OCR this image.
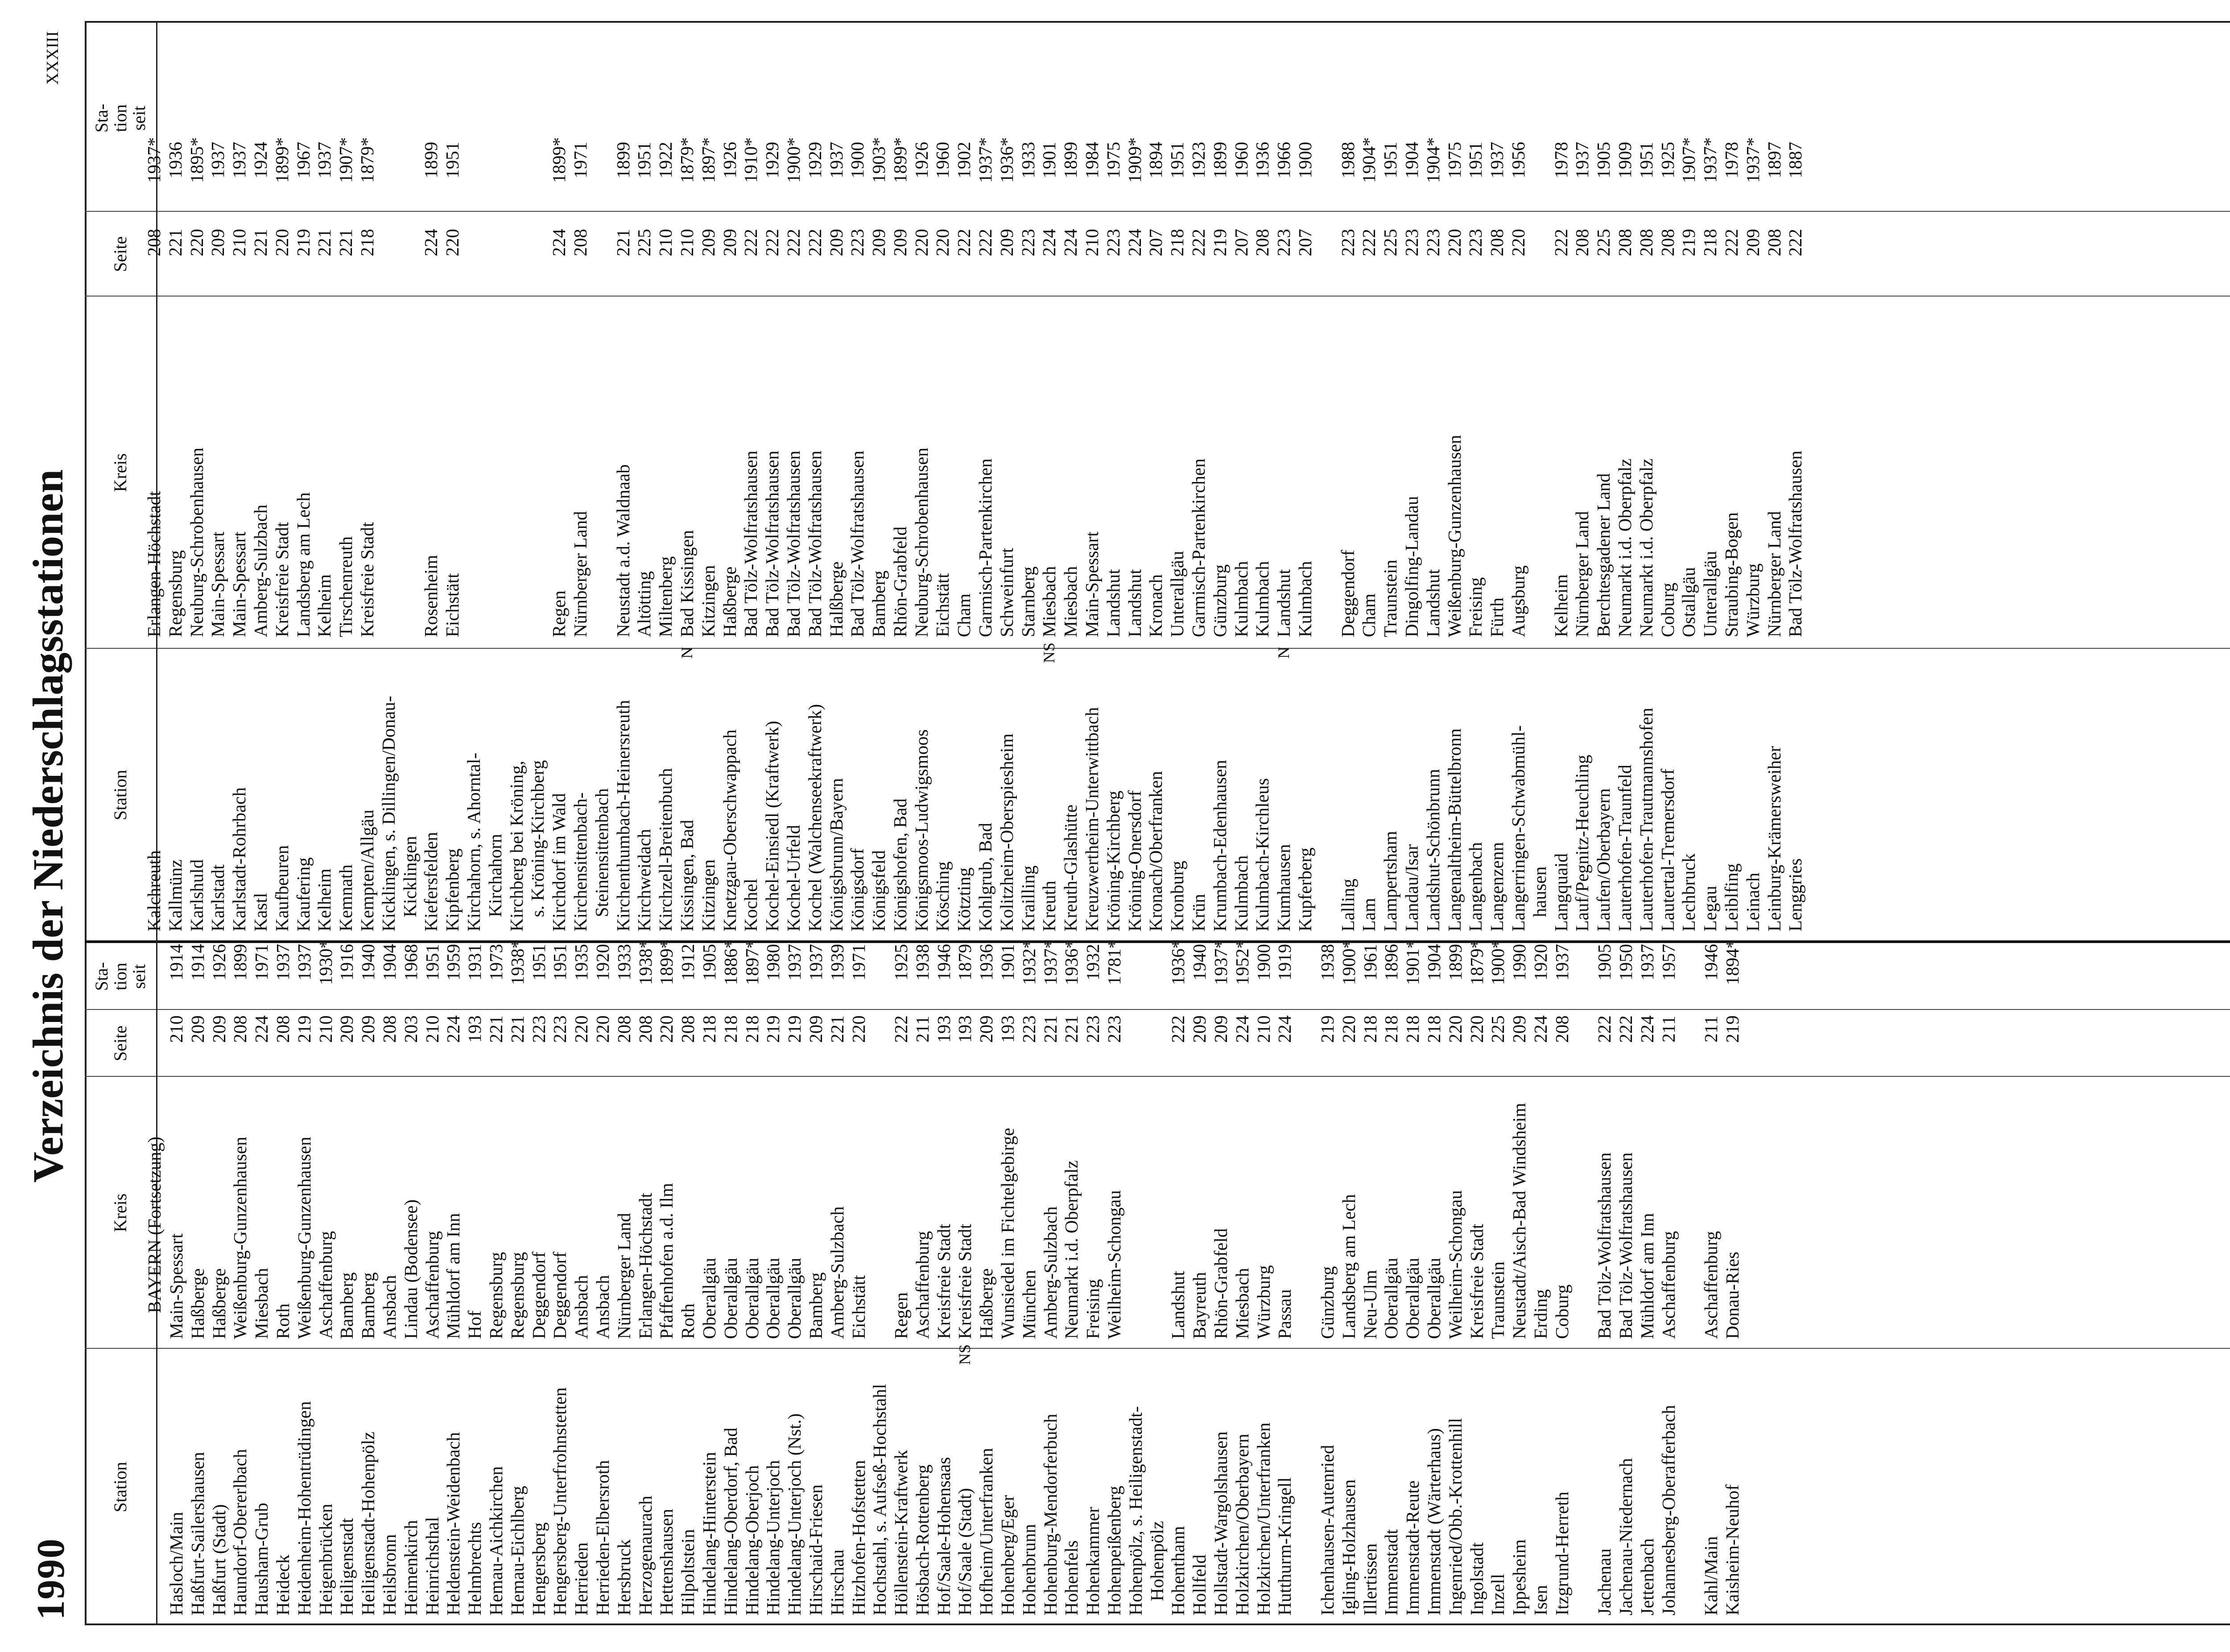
1990
Verzeichnis der Niederschlagsstationen
XXXIII
Station
Kreis
Seite
Sta-
tion
seit
Station
Kreis
Seite
Sta-
tion
seit
BAYERN (Fortsetzung)
Hasloch/Main
Main-Spessart
210
1914
Haßfurt-Sailershausen
Haßberge
209
1914
Haßfurt (Stadt)
Haßberge
209
1926
Haundorf-Obererlbach
Weißenburg-Gunzenhausen
208
1899
Hausham-Grub
Miesbach
224
1971
Heideck
Roth
208
1937
Heidenheim-Hohentrüdingen
Weißenburg-Gunzenhausen
219
1937
Heigenbrücken
Aschaffenburg
210
1930*
Heiligenstadt
Bamberg
209
1916
Heiligenstadt-Hohenpölz
Bamberg
209
1940
Heilsbronn
Ansbach
208
1904
Heimenkirch
Lindau (Bodensee)
203
1968
Heinrichsthal
Aschaffenburg
210
1951
Heldenstein-Weidenbach
Mühldorf am Inn
224
1959
Helmbrechts
Hof
193
1931
Hemau-Aichkirchen
Regensburg
221
1973
Hemau-Eichlberg
Regensburg
221
1938*
Hengersberg
Deggendorf
223
1951
Hengersberg-Unterfrohnstetten
Deggendorf
223
1951
Herrieden
Ansbach
220
1935
Herrieden-Elbersroth
Ansbach
220
1920
Hersbruck
Nürnberger Land
208
1933
Herzogenaurach
Erlangen-Höchstadt
208
1938*
Hettenshausen
Pfaffenhofen a.d. Ilm
220
1899*
Hilpoltstein
Roth
208
1912
Hindelang-Hinterstein
Oberallgäu
218
1905
Hindelang-Oberdorf, Bad
Oberallgäu
218
1886*
Hindelang-Oberjoch
Oberallgäu
218
1897*
Hindelang-Unterjoch
Oberallgäu
219
1980
Hindelang-Unterjoch (Nst.)
Oberallgäu
219
1937
Hirschaid-Friesen
Bamberg
209
1937
Hirschau
Amberg-Sulzbach
221
1939
Hitzhofen-Hofstetten
Eichstätt
220
1971
Hochstahl, s. Aufseß-Hochstahl Höllenstein-Kraftwerk
Regen
222
1925
Hösbach-Rottenberg
Aschaffenburg
211
1938
Hof/Saale-Hohensaas
Kreisfreie Stadt
193
1946
Hof/Saale (Stadt)
NS
Kreisfreie Stadt
193
1879
Hofheim/Unterfranken
Haßberge
209
1936
Hohenberg/Eger
Wunsiedel im Fichtelgebirge
193
1901
Hohenbrunn
München
223
1932*
Hohenburg-Mendorferbuch
Amberg-Sulzbach
221
1937*
Hohenfels
Neumarkt i.d. Oberpfalz
221
1936*
Hohenkammer
Freising
223
1932
Hohenpeißenberg
Weilheim-Schongau
223
1781*
Hohenpölz, s. Heiligenstadt- Hohenpölz Hohenthann
Landshut
222
1936*
Hollfeld
Bayreuth
209
1940
Hollstadt-Wargolshausen
Rhön-Grabfeld
209
1937*
Holzkirchen/Oberbayern
Miesbach
224
1952*
Holzkirchen/Unterfranken
Würzburg
210
1900
Hutthurm-Kringell
Passau
224
1919
Ichenhausen-Autenried
Günzburg
219
1938
Igling-Holzhausen
Landsberg am Lech
220
1900*
Illertissen
Neu-Ulm
218
1961
Immenstadt
Oberallgäu
218
1896
Immenstadt-Reute
Oberallgäu
218
1901*
Immenstadt (Wärterhaus)
Oberallgäu
218
1904
Ingenried/Obb.-Krottenhill
Weilheim-Schongau
220
1899
Ingolstadt
Kreisfreie Stadt
220
1879*
Inzell
Traunstein
225
1900*
Ippesheim
Neustadt/Aisch-Bad Windsheim
209
1990
Isen
Erding
224
1920
Itzgrund-Herreth
Coburg
208
1937
Jachenau
Bad Tölz-Wolfratshausen
222
1905
Jachenau-Niedernach
Bad Tölz-Wolfratshausen
222
1950
Jettenbach
Mühldorf am Inn
224
1937
Johannesberg-Oberafferbach
Aschaffenburg
211
1957
Kahl/Main
Aschaffenburg
211
1946
Kaisheim-Neuhof
Donau-Ries
219
1894*
Kalchreuth
Erlangen-Höchstadt
208
1937*
Kallmünz
Regensburg
221
1936
Karlshuld
Neuburg-Schrobenhausen
220
1895*
Karlstadt
Main-Spessart
209
1937
Karlstadt-Rohrbach
Main-Spessart
210
1937
Kastl
Amberg-Sulzbach
221
1924
Kaufbeuren
Kreisfreie Stadt
220
1899*
Kaufering
Landsberg am Lech
219
1967
Kelheim
Kelheim
221
1937
Kemnath
Tirschenreuth
221
1907*
Kempten/Allgäu
Kreisfreie Stadt
218
1879*
Kicklingen, s. Dillingen/Donau- Kicklingen Kiefersfelden
Rosenheim
224
1899
Kipfenberg
Eichstätt
220
1951
Kirchahorn, s. Ahorntal- Kirchahorn Kirchberg bei Kröning, s. Kröning-Kirchberg Kirchdorf im Wald
Regen
224
1899*
Kirchensittenbach-
Nürnberger Land
208
1971
Steinensittenbach Kirchenthumbach-Heinersreuth
Neustadt a.d. Waldnaab
221
1899
Kirchweidach
Altötting
225
1951
Kirchzell-Breitenbuch
Miltenberg
210
1922
Kissingen, Bad
N
Bad Kissingen
210
1879*
Kitzingen
Kitzingen
209
1897*
Knetzgau-Oberschwappach
Haßberge
209
1926
Kochel
Bad Tölz-Wolfratshausen
222
1910*
Kochel-Einsiedl (Kraftwerk)
Bad Tölz-Wolfratshausen
222
1929
Kochel-Urfeld
Bad Tölz-Wolfratshausen
222
1900*
Kochel (Walchenseekraftwerk)
Bad Tölz-Wolfratshausen
222
1929
Königsbrunn/Bayern
Halßberge
209
1937
Königsdorf
Bad Tölz-Wolfratshausen
223
1900
Königsfeld
Bamberg
209
1903*
Königshofen, Bad
Rhön-Grabfeld
209
1899*
Königsmoos-Ludwigsmoos
Neuburg-Schrobenhausen
220
1926
Kösching
Eichstätt
220
1960
Kötzting
Cham
222
1902
Kohlgrub, Bad
Garmisch-Partenkirchen
222
1937*
Kolitzheim-Oberspiesheim
Schweinfurt
209
1936*
Krailling
Starnberg
223
1933
Kreuth
NS
Miesbach
224
1901
Kreuth-Glashütte
Miesbach
224
1899
Kreuzwertheim-Unterwittbach
Main-Spessart
210
1984
Kröning-Kirchberg
Landshut
223
1975
Kröning-Onersdorf
Landshut
224
1909*
Kronach/Oberfranken
Kronach
207
1894
Kronburg
Unterallgäu
218
1951
Krün
Garmisch-Partenkirchen
222
1923
Krumbach-Edenhausen
Günzburg
219
1899
Kulmbach
Kulmbach
207
1960
Kulmbach-Kirchleus
Kulmbach
208
1936
Kumhausen
N
Landshut
223
1966
Kupferberg
Kulmbach
207
1900
Lalling
Deggendorf
223
1988
Lam
Cham
222
1904*
Lampertsham
Traunstein
225
1951
Landau/Isar
Dingolfing-Landau
223
1904
Landshut-Schönbrunn
Landshut
223
1904*
Langenaltheim-Büttelbronn
Weißenburg-Gunzenhausen
220
1975
Langenbach
Freising
223
1951
Langenzenn
Fürth
208
1937
Langerringen-Schwabmühl-
Augsburg
220
1956
hausen Langquaid
Kelheim
222
1978
Lauf/Pegnitz-Heuchling
Nürnberger Land
208
1937
Laufen/Oberbayern
Berchtesgadener Land
225
1905
Lauterhofen-Traunfeld
Neumarkt i.d. Oberpfalz
208
1909
Lauterhofen-Trautmannshofen
Neumarkt i.d. Oberpfalz
208
1951
Lautertal-Tremersdorf
Coburg
208
1925
Lechbruck
Ostallgäu
219
1907*
Legau
Unterallgäu
218
1937*
Leiblfing
Straubing-Bogen
222
1978
Leinach
Würzburg
209
1937*
Leinburg-Krämersweiher
Nürnberger Land
208
1897
Lenggries
Bad Tölz-Wolfratshausen
222
1887
